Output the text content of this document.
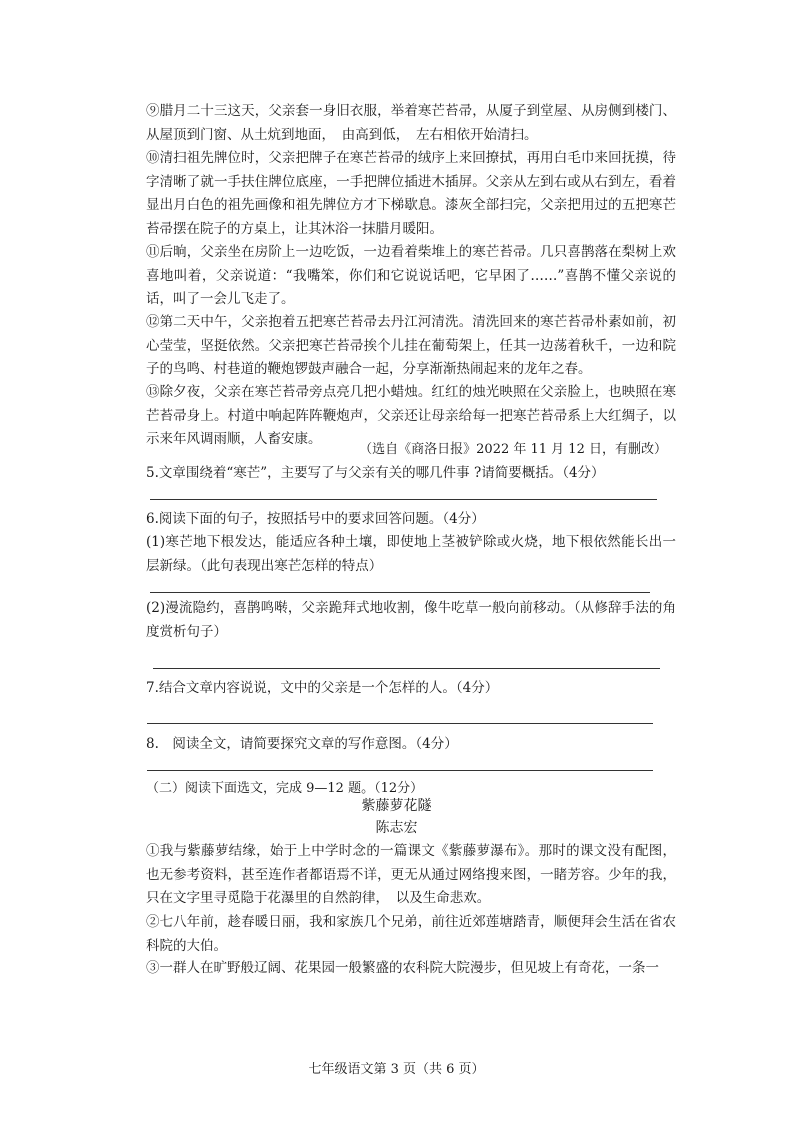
⑨腊月二十三这天，父亲套一身旧衣服，举着寒芒苔帚，从厦子到堂屋、从房侧到楼门、从屋顶到门窗、从土炕到地面，　由高到低，　左右相依开始清扫。

⑩清扫祖先牌位时，父亲把牌子在寒芒苔帚的绒序上来回撩拭，再用白毛巾来回抚摸，待字清晰了就一手扶住牌位底座，一手把牌位插进木插屏。父亲从左到右或从右到左，看着显出月白色的祖先画像和祖先牌位方才下梯歇息。漆灰全部扫完，父亲把用过的五把寒芒苔帚摆在院子的方桌上，让其沐浴一抹腊月暖阳。

⑪后晌，父亲坐在房阶上一边吃饭，一边看着柴堆上的寒芒苔帚。几只喜鹊落在梨树上欢喜地叫着，父亲说道：“我嘴笨，你们和它说说话吧，它早困了……”喜鹊不懂父亲说的话，叫了一会儿飞走了。

⑫第二天中午，父亲抱着五把寒芒苔帚去丹江河清洗。清洗回来的寒芒苔帚朴素如前，初心莹莹，坚挺依然。父亲把寒芒苔帚挨个儿挂在葡萄架上，任其一边荡着秋千，一边和院子的鸟鸣、村巷道的鞭炮锣鼓声融合一起，分享渐渐热闹起来的龙年之春。

⑬除夕夜，父亲在寒芒苔帚旁点亮几把小蜡烛。红红的烛光映照在父亲脸上，也映照在寒芒苔帚身上。村道中响起阵阵鞭炮声，父亲还让母亲给每一把寒芒苔帚系上大红绸子，以示来年风调雨顺，人畜安康。

（选自《商洛日报》2022 年 11 月 12 日，有删改）

5.文章围绕着“寒芒”，主要写了与父亲有关的哪几件事 ?请简要概括。（4分）

6.阅读下面的句子，按照括号中的要求回答问题。（4分）

(1)寒芒地下根发达，能适应各种土壤，即使地上茎被铲除或火烧，地下根依然能长出一层新绿。（此句表现出寒芒怎样的特点）

(2)漫流隐约，喜鹊鸣啭，父亲跪拜式地收割，像牛吃草一般向前移动。（从修辞手法的角度赏析句子）

7.结合文章内容说说，文中的父亲是一个怎样的人。（4分）

8.　阅读全文，请简要探究文章的写作意图。（4分）

（二）阅读下面选文，完成 9—12 题。（12分）

紫藤萝花隧
陈志宏

①我与紫藤萝结缘，始于上中学时念的一篇课文《紫藤萝瀑布》。那时的课文没有配图，也无参考资料，甚至连作者都语焉不详，更无从通过网络搜来图，一睹芳容。少年的我，只在文字里寻觅隐于花瀑里的自然韵律，　以及生命悲欢。

②七八年前，趁春暖日丽，我和家族几个兄弟，前往近郊莲塘踏青，顺便拜会生活在省农科院的大伯。

③一群人在旷野般辽阔、花果园一般繁盛的农科院大院漫步，但见坡上有奇花，一条一

七年级语文第 3 页（共 6 页）
